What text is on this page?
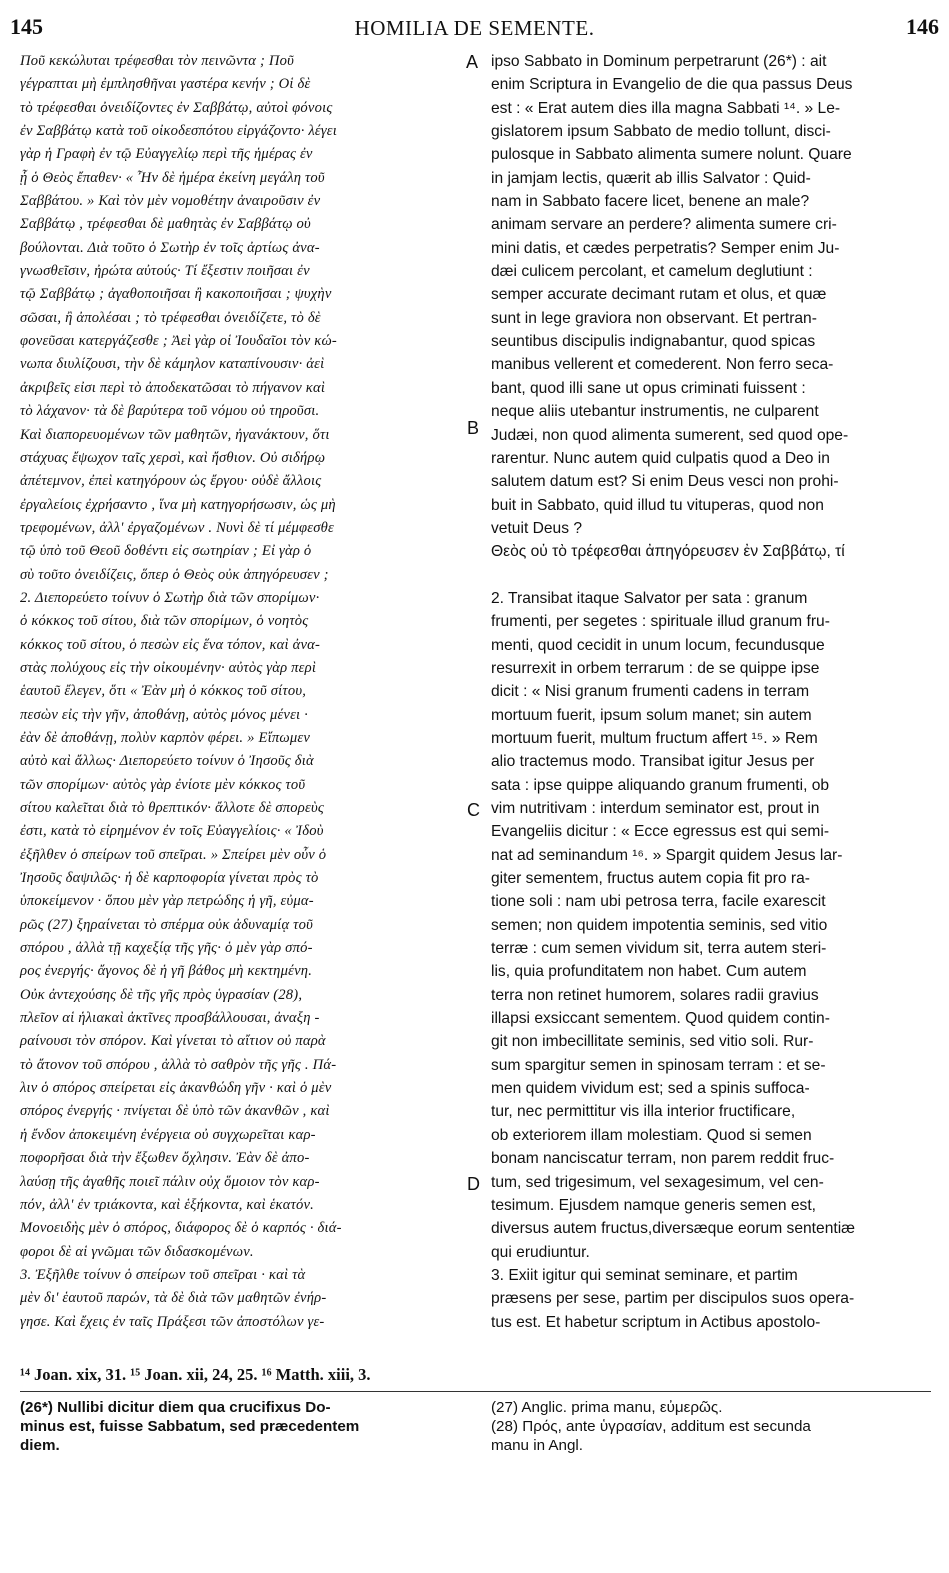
145	HOMILIA DE SEMENTE.	146
Ποῦ κεκώλυται τρέφεσθαι τὸν πεινῶντα ; Ποῦ
γέγραπται μὴ ἐμπλησθῆναι γαστέρα κενήν ; Οἱ δὲ
τὸ τρέφεσθαι ὀνειδίζοντες ἐν Σαββάτῳ, αὐτοὶ φόνοις
ἐν Σαββάτῳ κατὰ τοῦ οἰκοδεσπότου εἰργάζοντο· λέγει
γὰρ ἡ Γραφὴ ἐν τῷ Εὐαγγελίῳ περὶ τῆς ἡμέρας ἐν
ᾗ ὁ Θεὸς ἔπαθεν· « Ἦν δὲ ἡμέρα ἐκείνη μεγάλη τοῦ
Σαββάτου. » Καὶ τὸν μὲν νομοθέτην ἀναιροῦσιν ἐν
Σαββάτῳ , τρέφεσθαι δὲ μαθητὰς ἐν Σαββάτῳ οὐ
βούλονται. Διὰ τοῦτο ὁ Σωτὴρ ἐν τοῖς ἀρτίως ἀνα-
γνωσθεῖσιν, ἠρώτα αὐτούς· Τί ἔξεστιν ποιῆσαι ἐν
τῷ Σαββάτῳ ; ἀγαθοποιῆσαι ἢ κακοποιῆσαι ; ψυχὴν
σῶσαι, ἢ ἀπολέσαι ; τὸ τρέφεσθαι ὀνειδίζετε, τὸ δὲ
φονεῦσαι κατεργάζεσθε ; Ἀεὶ γὰρ οἱ Ἰουδαῖοι τὸν κώ-
νωπα διυλίζουσι, τὴν δὲ κάμηλον καταπίνουσιν· ἀεὶ
ἀκριβεῖς εἰσι περὶ τὸ ἀποδεκατῶσαι τὸ πήγανον καὶ
τὸ λάχανον· τὰ δὲ βαρύτερα τοῦ νόμου οὐ τηροῦσι.
Καὶ διαπορευομένων τῶν μαθητῶν, ἠγανάκτουν, ὅτι
στάχυας ἔψωχον ταῖς χερσὶ, καὶ ἤσθιον. Οὐ σιδήρῳ
ἀπέτεμνον, ἐπεὶ κατηγόρουν ὡς ἔργου· οὐδὲ ἄλλοις
ἐργαλείοις ἐχρήσαντο , ἵνα μὴ κατηγορήσωσιν, ὡς μὴ
τρεφομένων, ἀλλ' ἐργαζομένων . Νυνὶ δὲ τί μέμφεσθε
τῷ ὑπὸ τοῦ Θεοῦ δοθέντι εἰς σωτηρίαν ; Εἰ γὰρ ὁ
σὺ τοῦτο ὀνειδίζεις, ὅπερ ὁ Θεὸς οὐκ ἀπηγόρευσεν ;
2. Διεπορεύετο τοίνυν ὁ Σωτὴρ διὰ τῶν σπορίμων·
ὁ κόκκος τοῦ σίτου, διὰ τῶν σπορίμων, ὁ νοητὸς
κόκκος τοῦ σίτου, ὁ πεσὼν εἰς ἕνα τόπον, καὶ ἀνα-
στὰς πολύχους εἰς τὴν οἰκουμένην· αὐτὸς γὰρ περὶ
ἑαυτοῦ ἔλεγεν, ὅτι « Ἐὰν μὴ ὁ κόκκος τοῦ σίτου,
πεσὼν εἰς τὴν γῆν, ἀποθάνῃ, αὐτὸς μόνος μένει ·
ἐὰν δὲ ἀποθάνῃ, πολὺν καρπὸν φέρει. » Εἴπωμεν
αὐτὸ καὶ ἄλλως· Διεπορεύετο τοίνυν ὁ Ἰησοῦς διὰ
τῶν σπορίμων· αὐτὸς γὰρ ἐνίοτε μὲν κόκκος τοῦ
σίτου καλεῖται διὰ τὸ θρεπτικόν· ἄλλοτε δὲ σπορεὺς
ἐστι, κατὰ τὸ εἰρημένον ἐν τοῖς Εὐαγγελίοις· « Ἰδοὺ
ἐξῆλθεν ὁ σπείρων τοῦ σπεῖραι. » Σπείρει μὲν οὖν ὁ
Ἰησοῦς δαψιλῶς· ἡ δὲ καρποφορία γίνεται πρὸς τὸ
ὑποκείμενον · ὅπου μὲν γὰρ πετρώδης ἡ γῆ, εὐμα-
ρῶς (27) ξηραίνεται τὸ σπέρμα οὐκ ἀδυναμίᾳ τοῦ
σπόρου , ἀλλὰ τῇ καχεξίᾳ τῆς γῆς· ὁ μὲν γὰρ σπό-
ρος ἐνεργής· ἄγονος δὲ ἡ γῆ βάθος μὴ κεκτημένη.
Οὐκ ἀντεχούσης δὲ τῆς γῆς πρὸς ὑγρασίαν (28),
πλεῖον αἱ ἡλιακαὶ ἀκτῖνες προσβάλλουσαι, ἀναξη -
ραίνουσι τὸν σπόρον. Καὶ γίνεται τὸ αἴτιον οὐ παρὰ
τὸ ἄτονον τοῦ σπόρου , ἀλλὰ τὸ σαθρὸν τῆς γῆς . Πά-
λιν ὁ σπόρος σπείρεται εἰς ἀκανθώδη γῆν · καὶ ὁ μὲν
σπόρος ἐνεργής · πνίγεται δὲ ὑπὸ τῶν ἀκανθῶν , καὶ
ἡ ἔνδον ἀποκειμένη ἐνέργεια οὐ συγχωρεῖται καρ-
ποφορῆσαι διὰ τὴν ἔξωθεν ὄχλησιν. Ἐὰν δὲ ἀπο-
λαύσῃ τῆς ἀγαθῆς ποιεῖ πάλιν οὐχ ὅμοιον τὸν καρ-
πόν, ἀλλ' ἐν τριάκοντα, καὶ ἑξήκοντα, καὶ ἑκατόν.
Μονοειδὴς μὲν ὁ σπόρος, διάφορος δὲ ὁ καρπός · διά-
φοροι δὲ αἱ γνῶμαι τῶν διδασκομένων.
3. Ἐξῆλθε τοίνυν ὁ σπείρων τοῦ σπεῖραι · καὶ τὰ
μὲν δι' ἑαυτοῦ παρών, τὰ δὲ διὰ τῶν μαθητῶν ἐνήρ-
γησε. Καὶ ἔχεις ἐν ταῖς Πράξεσι τῶν ἀποστόλων γε-
ipso Sabbato in Dominum perpetrarunt (26*) : ait
enim Scriptura in Evangelio de die qua passus Deus
est : « Erat autem dies illa magna Sabbati ¹⁴. » Le-
gislatorem ipsum Sabbato de medio tollunt, disci-
pulosque in Sabbato alimenta sumere nolunt. Quare
in jamjam lectis, quærit ab illis Salvator : Quid-
nam in Sabbato facere licet, benene an male?
animam servare an perdere? alimenta sumere cri-
mini datis, et cædes perpetratis? Semper enim Ju-
dæi culicem percolant, et camelum deglutiunt :
semper accurate decimant rutam et olus, et quæ
sunt in lege graviora non observant. Et pertran-
seuntibus discipulis indignabantur, quod spicas
manibus vellerent et comederent. Non ferro seca-
bant, quod illi sane ut opus criminati fuissent :
neque aliis utebantur instrumentis, ne culparent
Judæi, non quod alimenta sumerent, sed quod ope-
rarentur. Nunc autem quid culpatis quod a Deo in
salutem datum est? Si enim Deus vesci non prohi-
buit in Sabbato, quid illud tu vituperas, quod non
vetuit Deus ?
Θεὸς οὐ τὸ τρέφεσθαι ἀπηγόρευσεν ἐν Σαββάτῳ, τί

2. Transibat itaque Salvator per sata : granum
frumenti, per segetes : spirituale illud granum fru-
menti, quod cecidit in unum locum, fecundusque
resurrexit in orbem terrarum : de se quippe ipse
dicit : « Nisi granum frumenti cadens in terram
mortuum fuerit, ipsum solum manet; sin autem
mortuum fuerit, multum fructum affert ¹⁵. » Rem
alio tractemus modo. Transibat igitur Jesus per
sata : ipse quippe aliquando granum frumenti, ob
vim nutritivam : interdum seminator est, prout in
Evangeliis dicitur : « Ecce egressus est qui semi-
nat ad seminandum ¹⁶. » Spargit quidem Jesus lar-
giter sementem, fructus autem copia fit pro ra-
tione soli : nam ubi petrosa terra, facile exarescit
semen; non quidem impotentia seminis, sed vitio
terræ : cum semen vividum sit, terra autem steri-
lis, quia profunditatem non habet. Cum autem
terra non retinet humorem, solares radii gravius
illapsi exsiccant sementem. Quod quidem contin-
git non imbecillitate seminis, sed vitio soli. Rur-
sum spargitur semen in spinosam terram : et se-
men quidem vividum est; sed a spinis suffoca-
tur, nec permittitur vis illa interior fructificare,
ob exteriorem illam molestiam. Quod si semen
bonam nanciscatur terram, non parem reddit fruc-
tum, sed trigesimum, vel sexagesimum, vel cen-
tesimum. Ejusdem namque generis semen est,
diversus autem fructus,diversæque eorum sententiæ
qui erudiuntur.
3. Exiit igitur qui seminat seminare, et partim
præsens per sese, partim per discipulos suos opera-
tus est. Et habetur scriptum in Actibus apostolo-
A
B
C
D
¹⁴ Joan. xix, 31. ¹⁵ Joan. xii, 24, 25. ¹⁶ Matth. xiii, 3.
(26*) Nullibi dicitur diem qua crucifixus Do-
minus est, fuisse Sabbatum, sed præcedentem
diem.
(27) Anglic. prima manu, εὐμερῶς.
(28) Πρός, ante ὑγρασίαν, additum est secunda
manu in Angl.
